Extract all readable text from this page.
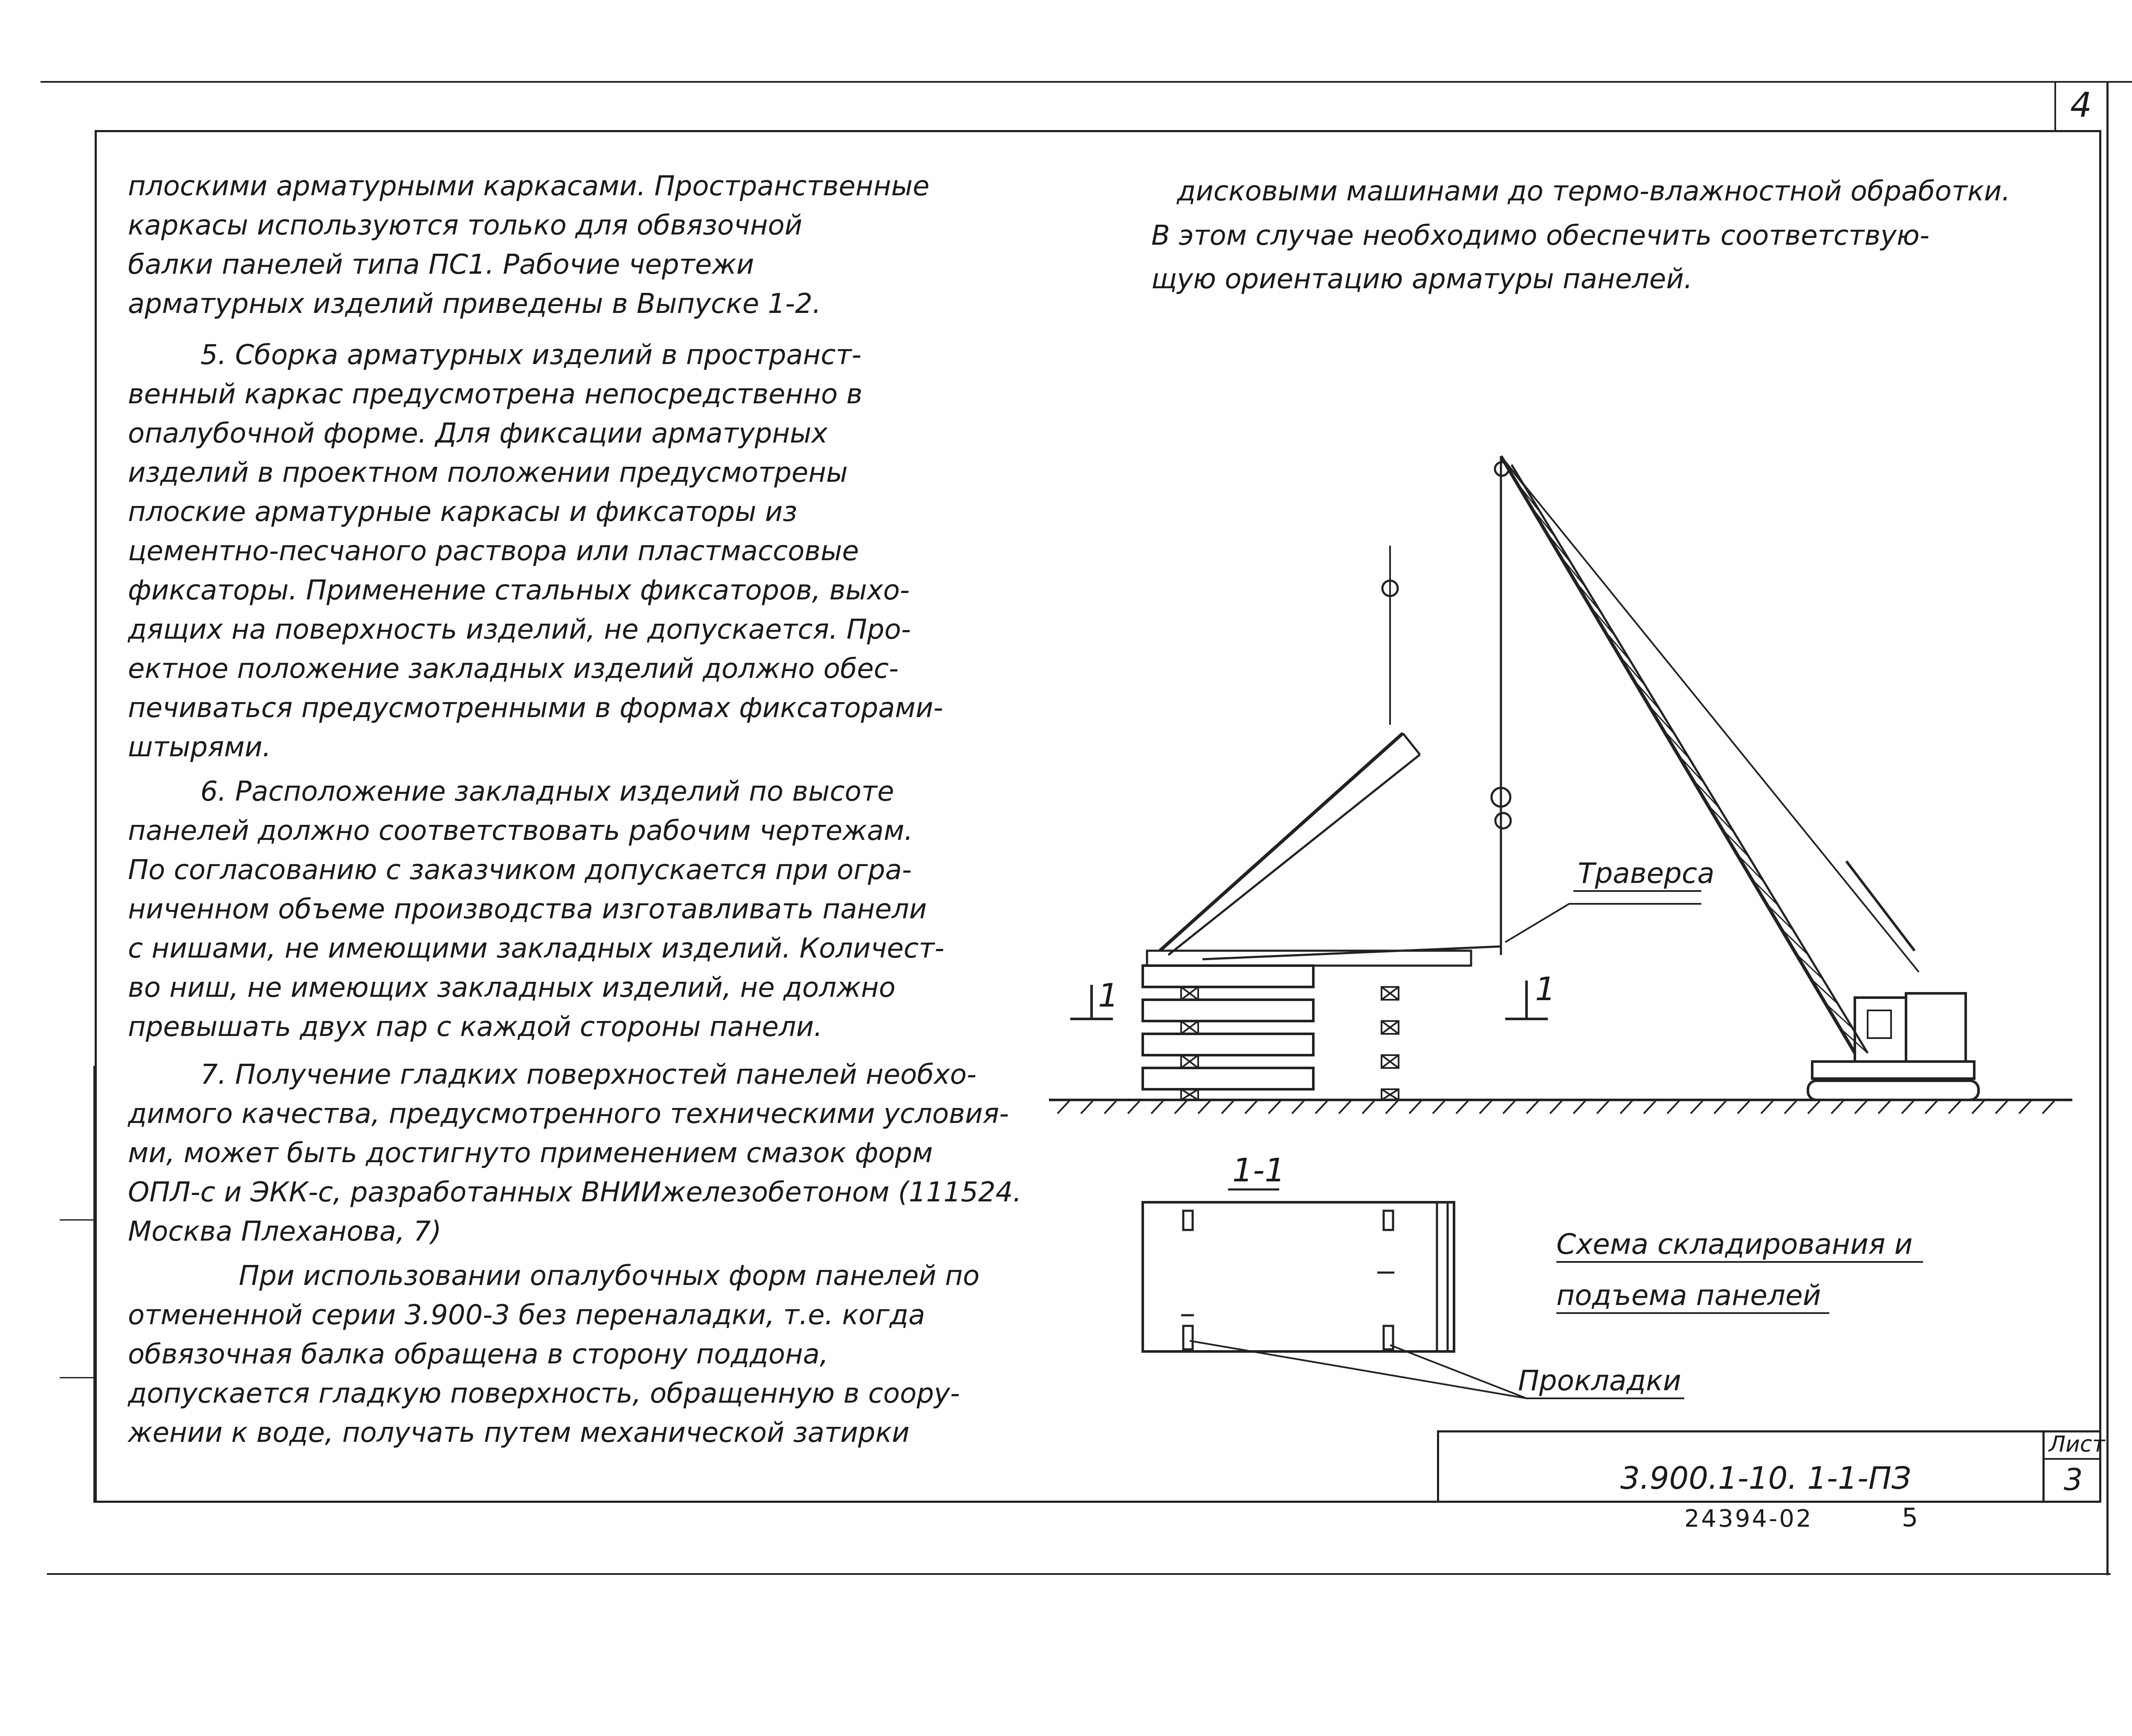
4
плоскими арматурными каркасами. Пространственные
каркасы используются только для обвязочной
балки панелей типа ПС1. Рабочие чертежи
арматурных изделий приведены в Выпуске 1-2.
5. Сборка арматурных изделий в пространст-
венный каркас предусмотрена непосредственно в
опалубочной форме. Для фиксации арматурных
изделий в проектном положении предусмотрены
плоские арматурные каркасы и фиксаторы из
цементно-песчаного раствора или пластмассовые
фиксаторы. Применение стальных фиксаторов, выхо-
дящих на поверхность изделий, не допускается. Про-
ектное положение закладных изделий должно обес-
печиваться предусмотренными в формах фиксаторами-
штырями.
6. Расположение закладных изделий по высоте
панелей должно соответствовать рабочим чертежам.
По согласованию с заказчиком допускается при огра-
ниченном объеме производства изготавливать панели
с нишами, не имеющими закладных изделий. Количест-
во ниш, не имеющих закладных изделий, не должно
превышать двух пар с каждой стороны панели.
7. Получение гладких поверхностей панелей необхо-
димого качества, предусмотренного техническими условия-
ми, может быть достигнуто применением смазок форм
ОПЛ-с и ЭКК-с, разработанных ВНИИжелезобетоном (111524.
Москва Плеханова, 7)
При использовании опалубочных форм панелей по
отмененной серии 3.900-3 без переналадки, т.е. когда
обвязочная балка обращена в сторону поддона,
допускается гладкую поверхность, обращенную в соору-
жении к воде, получать путем механической затирки
дисковыми машинами до термо-влажностной обработки.
В этом случае необходимо обеспечить соответствую-
щую ориентацию арматуры панелей.
Траверса
1	1
1-1
Прокладки
Схема складирования и
подъема панелей
Лист
3
3.900.1-10. 1-1-ПЗ
24394-02	5
